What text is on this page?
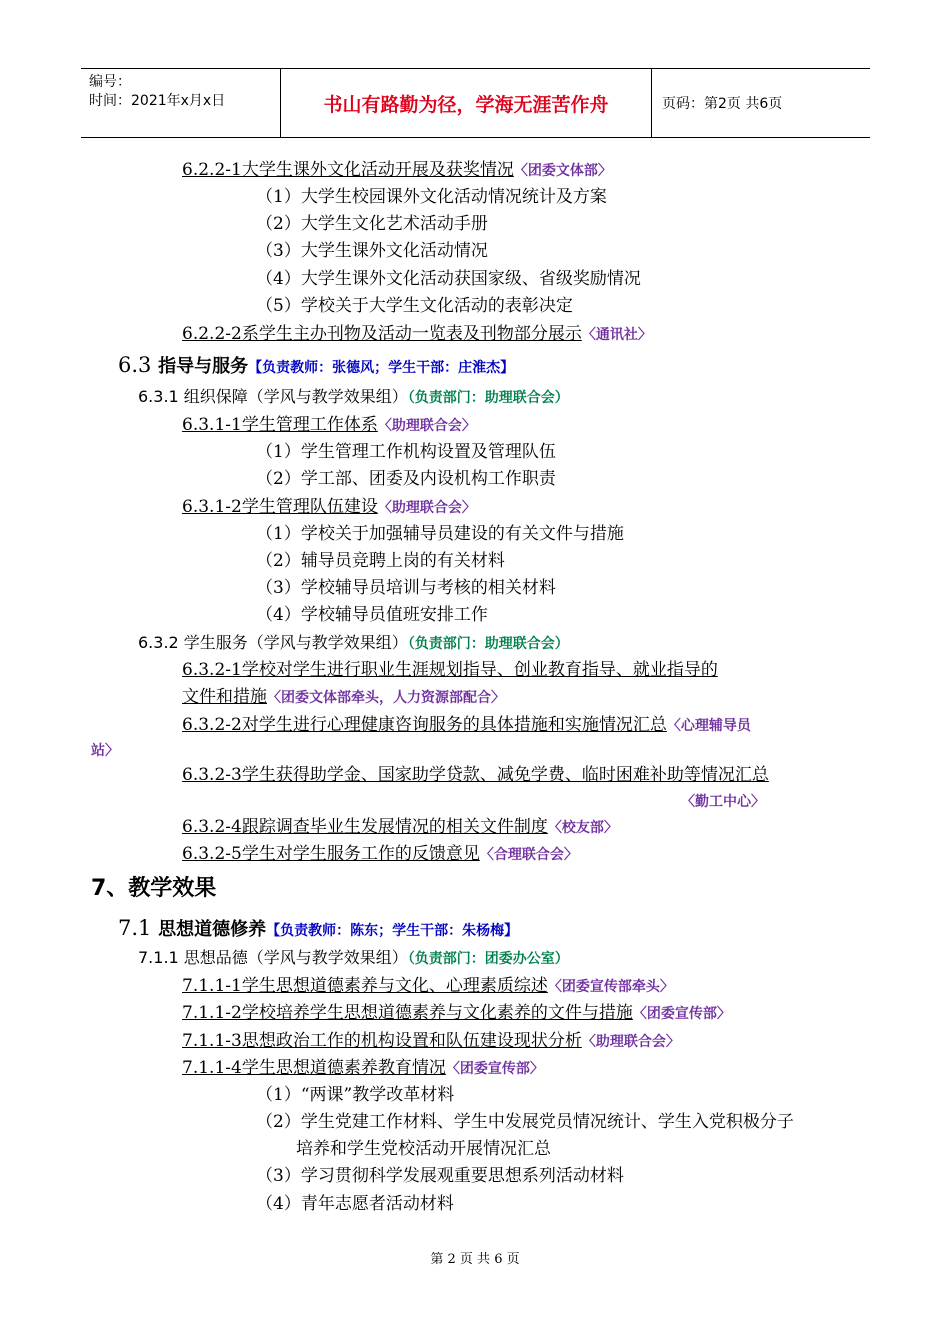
编号：
时间：2021年x月x日	书山有路勤为径，学海无涯苦作舟	页码：第2页 共6页
6.2.2-1大学生课外文化活动开展及获奖情况〈团委文体部〉
（1）大学生校园课外文化活动情况统计及方案
（2）大学生文化艺术活动手册
（3）大学生课外文化活动情况
（4）大学生课外文化活动获国家级、省级奖励情况
（5）学校关于大学生文化活动的表彰决定
6.2.2-2系学生主办刊物及活动一览表及刊物部分展示〈通讯社〉
6.3 指导与服务【负责教师：张德风；学生干部：庄淮杰】
6.3.1 组织保障（学风与教学效果组）（负责部门：助理联合会）
6.3.1-1学生管理工作体系〈助理联合会〉
（1）学生管理工作机构设置及管理队伍
（2）学工部、团委及内设机构工作职责
6.3.1-2学生管理队伍建设〈助理联合会〉
（1）学校关于加强辅导员建设的有关文件与措施
（2）辅导员竞聘上岗的有关材料
（3）学校辅导员培训与考核的相关材料
（4）学校辅导员值班安排工作
6.3.2 学生服务（学风与教学效果组）（负责部门：助理联合会）
6.3.2-1学校对学生进行职业生涯规划指导、创业教育指导、就业指导的
文件和措施〈团委文体部牵头，人力资源部配合〉
6.3.2-2对学生进行心理健康咨询服务的具体措施和实施情况汇总〈心理辅导员
站〉
6.3.2-3学生获得助学金、国家助学贷款、减免学费、临时困难补助等情况汇总
〈勤工中心〉
6.3.2-4跟踪调查毕业生发展情况的相关文件制度〈校友部〉
6.3.2-5学生对学生服务工作的反馈意见〈合理联合会〉
7、教学效果
7.1 思想道德修养【负责教师：陈东；学生干部：朱杨梅】
7.1.1 思想品德（学风与教学效果组）（负责部门：团委办公室）
7.1.1-1学生思想道德素养与文化、心理素质综述〈团委宣传部牵头〉
7.1.1-2学校培养学生思想道德素养与文化素养的文件与措施〈团委宣传部〉
7.1.1-3思想政治工作的机构设置和队伍建设现状分析〈助理联合会〉
7.1.1-4学生思想道德素养教育情况〈团委宣传部〉
（1）“两课”教学改革材料
（2）学生党建工作材料、学生中发展党员情况统计、学生入党积极分子
培养和学生党校活动开展情况汇总
（3）学习贯彻科学发展观重要思想系列活动材料
（4）青年志愿者活动材料
第 2 页 共 6 页
